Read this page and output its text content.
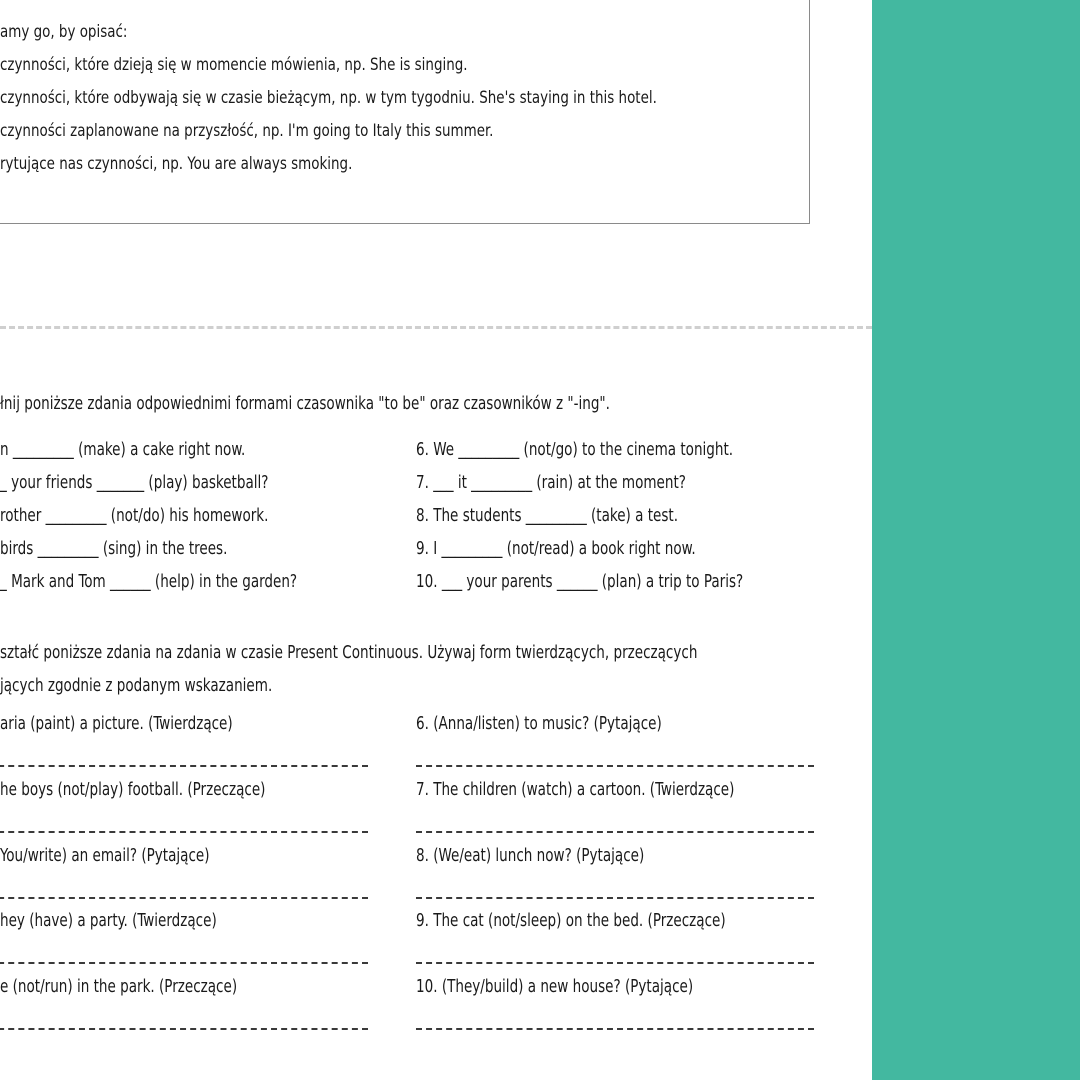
amy go, by opisać:
czynności, które dzieją się w momencie mówienia, np. She is singing.
czynności, które odbywają się w czasie bieżącym, np. w tym tygodniu. She's staying in this hotel.
czynności zaplanowane na przyszłość, np. I'm going to Italy this summer.
rytujące nas czynności, np. You are always smoking.
łnij poniższe zdania odpowiednimi formami czasownika "to be" oraz czasowników z "-ing".
n _________ (make) a cake right now.
_ your friends _______ (play) basketball?
rother _________ (not/do) his homework.
birds _________ (sing) in the trees.
_ Mark and Tom ______ (help) in the garden?
6. We _________ (not/go) to the cinema tonight.
7. ___ it _________ (rain) at the moment?
8. The students _________ (take) a test.
9. I _________ (not/read) a book right now.
10. ___ your parents ______ (plan) a trip to Paris?
ształć poniższe zdania na zdania w czasie Present Continuous. Używaj form twierdzących, przeczących
jących zgodnie z podanym wskazaniem.
aria (paint) a picture. (Twierdzące)
he boys (not/play) football. (Przeczące)
You/write) an email? (Pytające)
hey (have) a party. (Twierdzące)
e (not/run) in the park. (Przeczące)
6. (Anna/listen) to music? (Pytające)
7. The children (watch) a cartoon. (Twierdzące)
8. (We/eat) lunch now? (Pytające)
9. The cat (not/sleep) on the bed. (Przeczące)
10. (They/build) a new house? (Pytające)
